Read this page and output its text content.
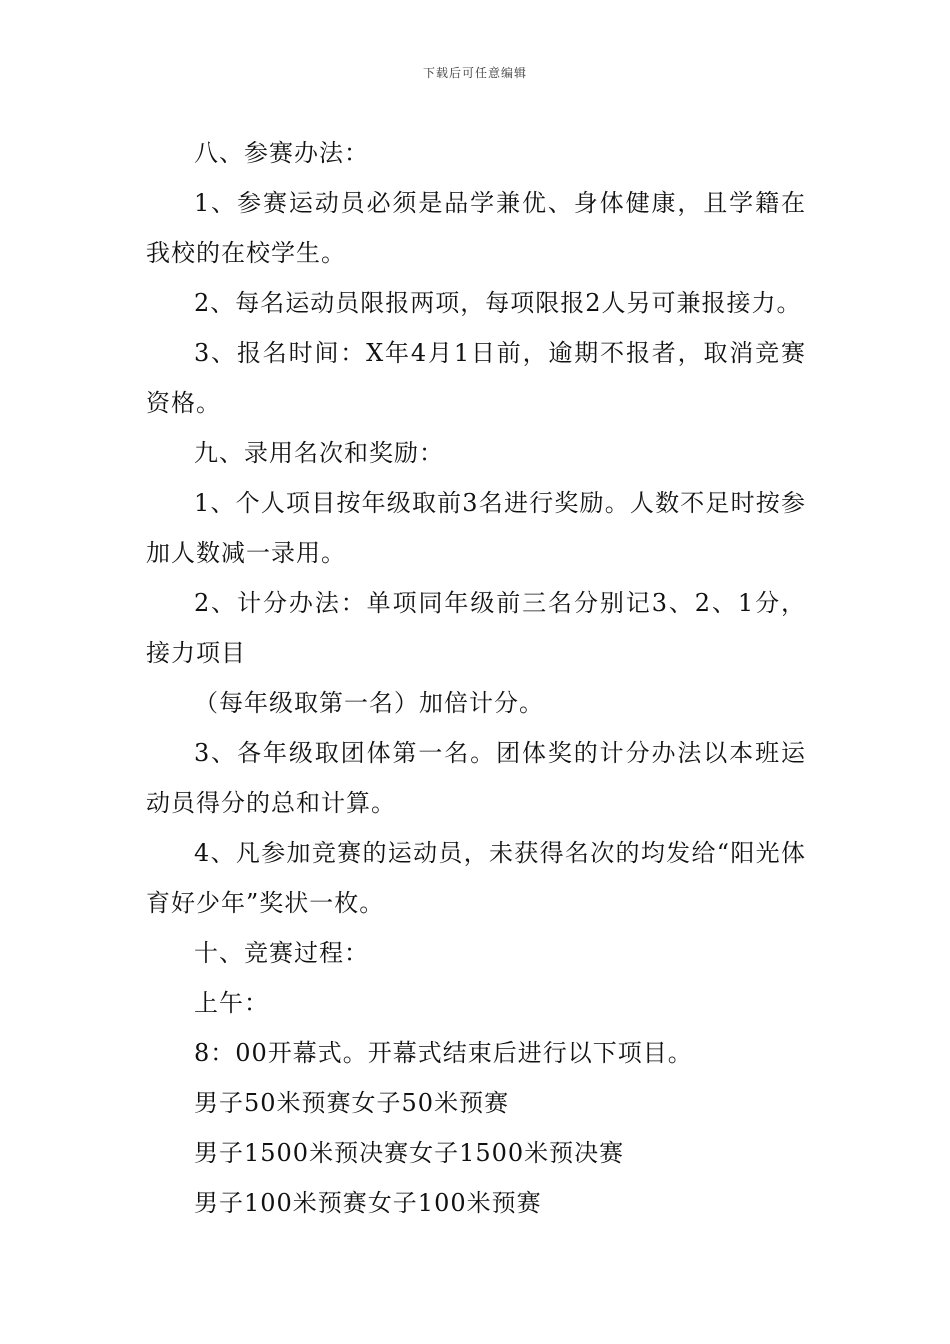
下载后可任意编辑

八、参赛办法：

1、参赛运动员必须是品学兼优、身体健康，且学籍在我校的在校学生。

2、每名运动员限报两项，每项限报2人另可兼报接力。

3、报名时间：X年4月1日前，逾期不报者，取消竞赛资格。

九、录用名次和奖励：

1、个人项目按年级取前3名进行奖励。人数不足时按参加人数减一录用。

2、计分办法：单项同年级前三名分别记3、2、1分，接力项目

（每年级取第一名）加倍计分。

3、各年级取团体第一名。团体奖的计分办法以本班运动员得分的总和计算。

4、凡参加竞赛的运动员，未获得名次的均发给“阳光体育好少年”奖状一枚。

十、竞赛过程：

上午：

8：00开幕式。开幕式结束后进行以下项目。

男子50米预赛女子50米预赛

男子1500米预决赛女子1500米预决赛

男子100米预赛女子100米预赛
